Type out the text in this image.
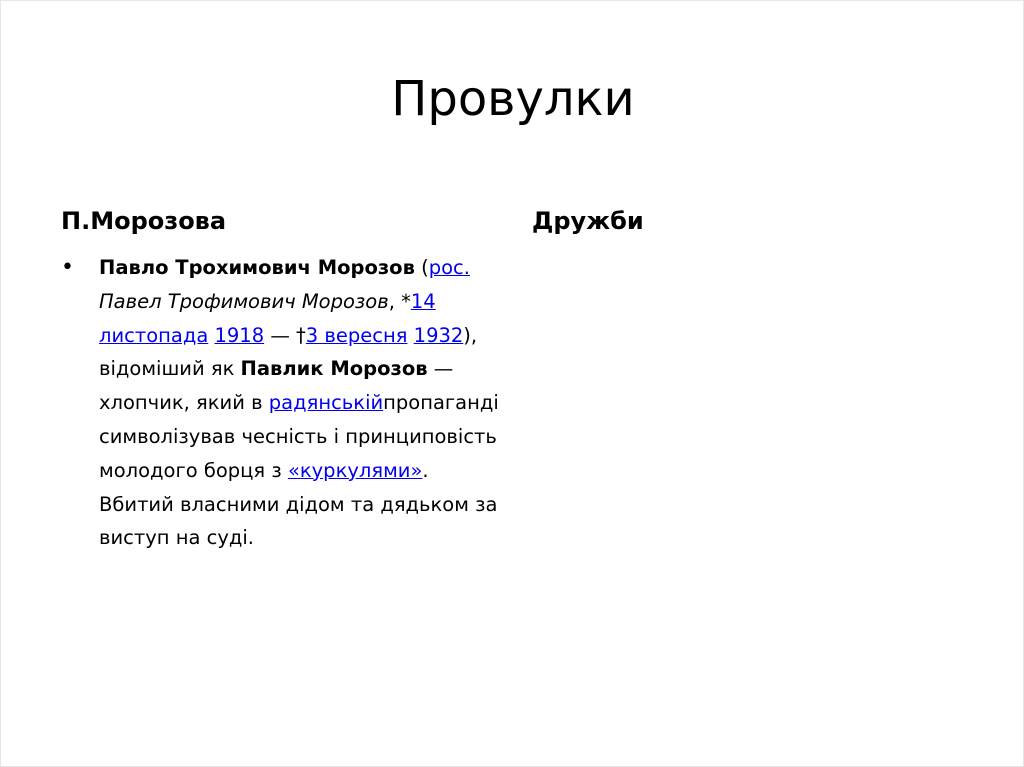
Провулки
П.Морозова	Дружби
• Павло Трохимович Морозов (рос. Павел Трофимович Морозов, *14 листопада 1918 — †3 вересня 1932), відоміший як Павлик Морозов — хлопчик, який в радянськійпропаганді символізував чесність і принциповість молодого борця з «куркулями». Вбитий власними дідом та дядьком за виступ на суді.
